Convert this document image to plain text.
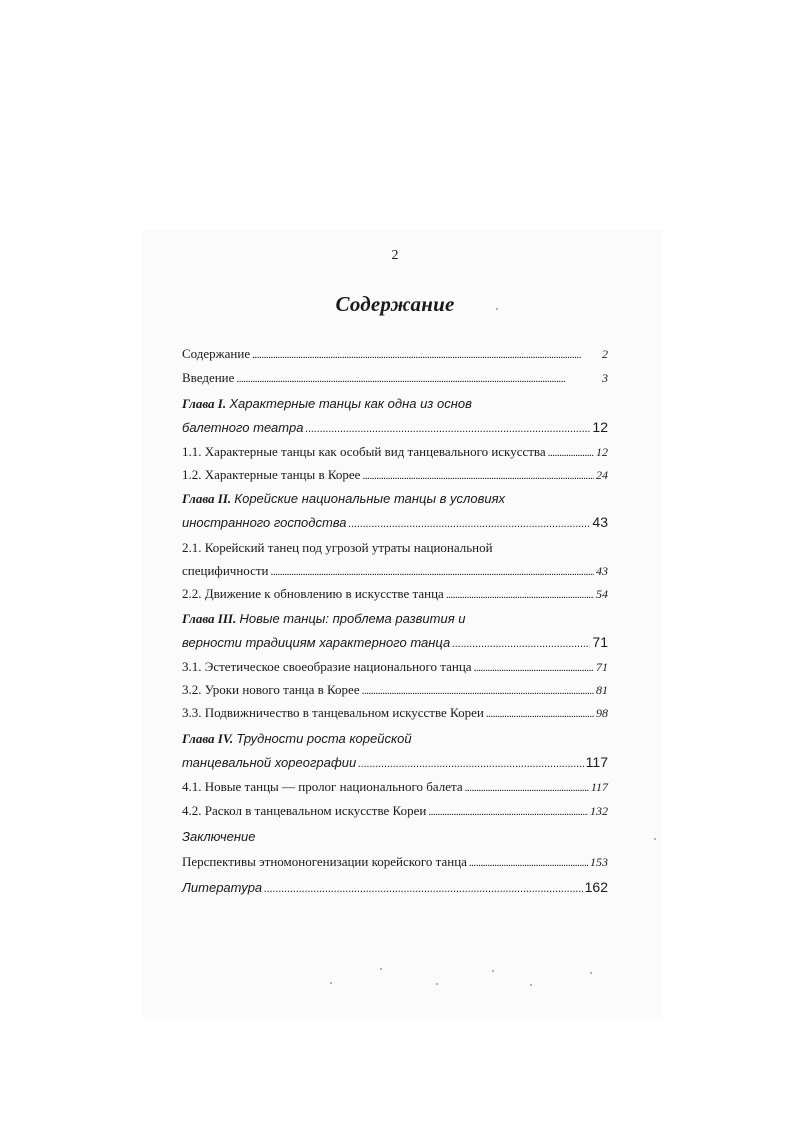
2
Содержание
Содержание . . .	2
Введение . . .	3
Глава I. Характерные танцы как одна из основ
балетного театра . . .	12
1.1. Характерные танцы как особый вид танцевального искусства . . .	12
1.2. Характерные танцы в Корее . . .	24
Глава II. Корейские национальные танцы в условиях
иностранного господства . . .	43
2.1. Корейский танец под угрозой утраты национальной
специфичности . . .	43
2.2. Движение к обновлению в искусстве танца . . .	54
Глава III. Новые танцы: проблема развития и
верности традициям характерного танца . . .	71
3.1. Эстетическое своеобразие национального танца . . .	71
3.2. Уроки нового танца в Корее . . .	81
3.3. Подвижничество в танцевальном искусстве Кореи . . .	98
Глава IV. Трудности роста корейской
танцевальной хореографии . . .	117
4.1. Новые танцы — пролог национального балета . . .	117
4.2. Раскол в танцевальном искусстве Кореи . . .	132
Заключение
Перспективы этномоногенизации корейского танца . . .	153
Литература . . .	162
